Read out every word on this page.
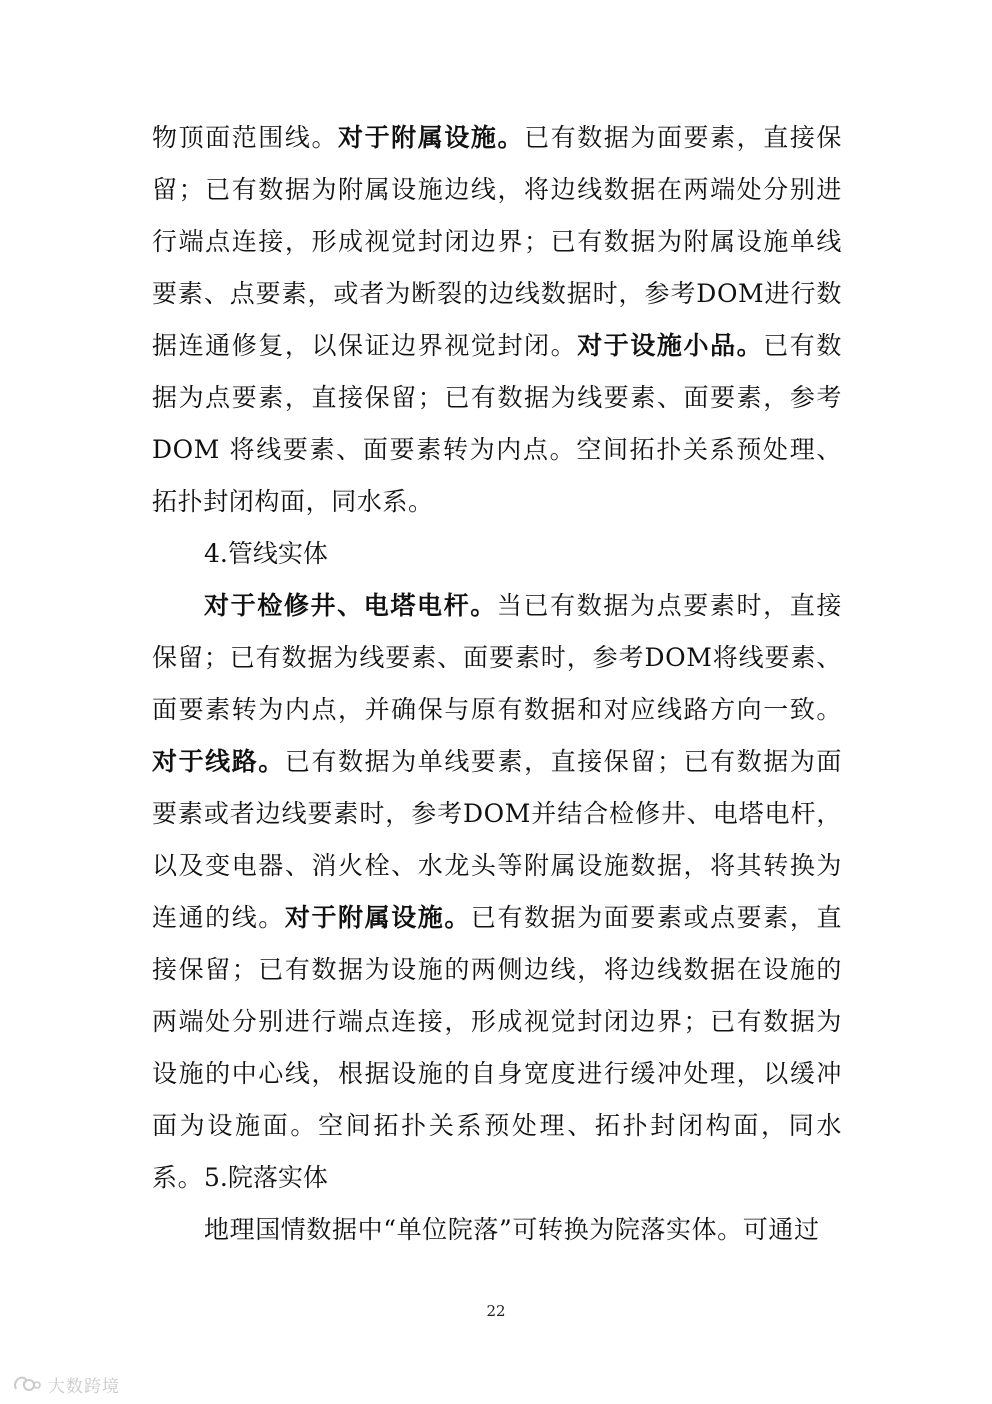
物顶面范围线。对于附属设施。已有数据为面要素，直接保留；已有数据为附属设施边线，将边线数据在两端处分别进行端点连接，形成视觉封闭边界；已有数据为附属设施单线要素、点要素，或者为断裂的边线数据时，参考DOM进行数据连通修复，以保证边界视觉封闭。对于设施小品。已有数据为点要素，直接保留；已有数据为线要素、面要素，参考DOM 将线要素、面要素转为内点。空间拓扑关系预处理、拓扑封闭构面，同水系。

4.管线实体

对于检修井、电塔电杆。当已有数据为点要素时，直接保留；已有数据为线要素、面要素时，参考DOM将线要素、面要素转为内点，并确保与原有数据和对应线路方向一致。对于线路。已有数据为单线要素，直接保留；已有数据为面要素或者边线要素时，参考DOM并结合检修井、电塔电杆，以及变电器、消火栓、水龙头等附属设施数据，将其转换为连通的线。对于附属设施。已有数据为面要素或点要素，直接保留；已有数据为设施的两侧边线，将边线数据在设施的两端处分别进行端点连接，形成视觉封闭边界；已有数据为设施的中心线，根据设施的自身宽度进行缓冲处理，以缓冲面为设施面。空间拓扑关系预处理、拓扑封闭构面，同水系。 5.院落实体

地理国情数据中“单位院落”可转换为院落实体。可通过

22
大数跨境
